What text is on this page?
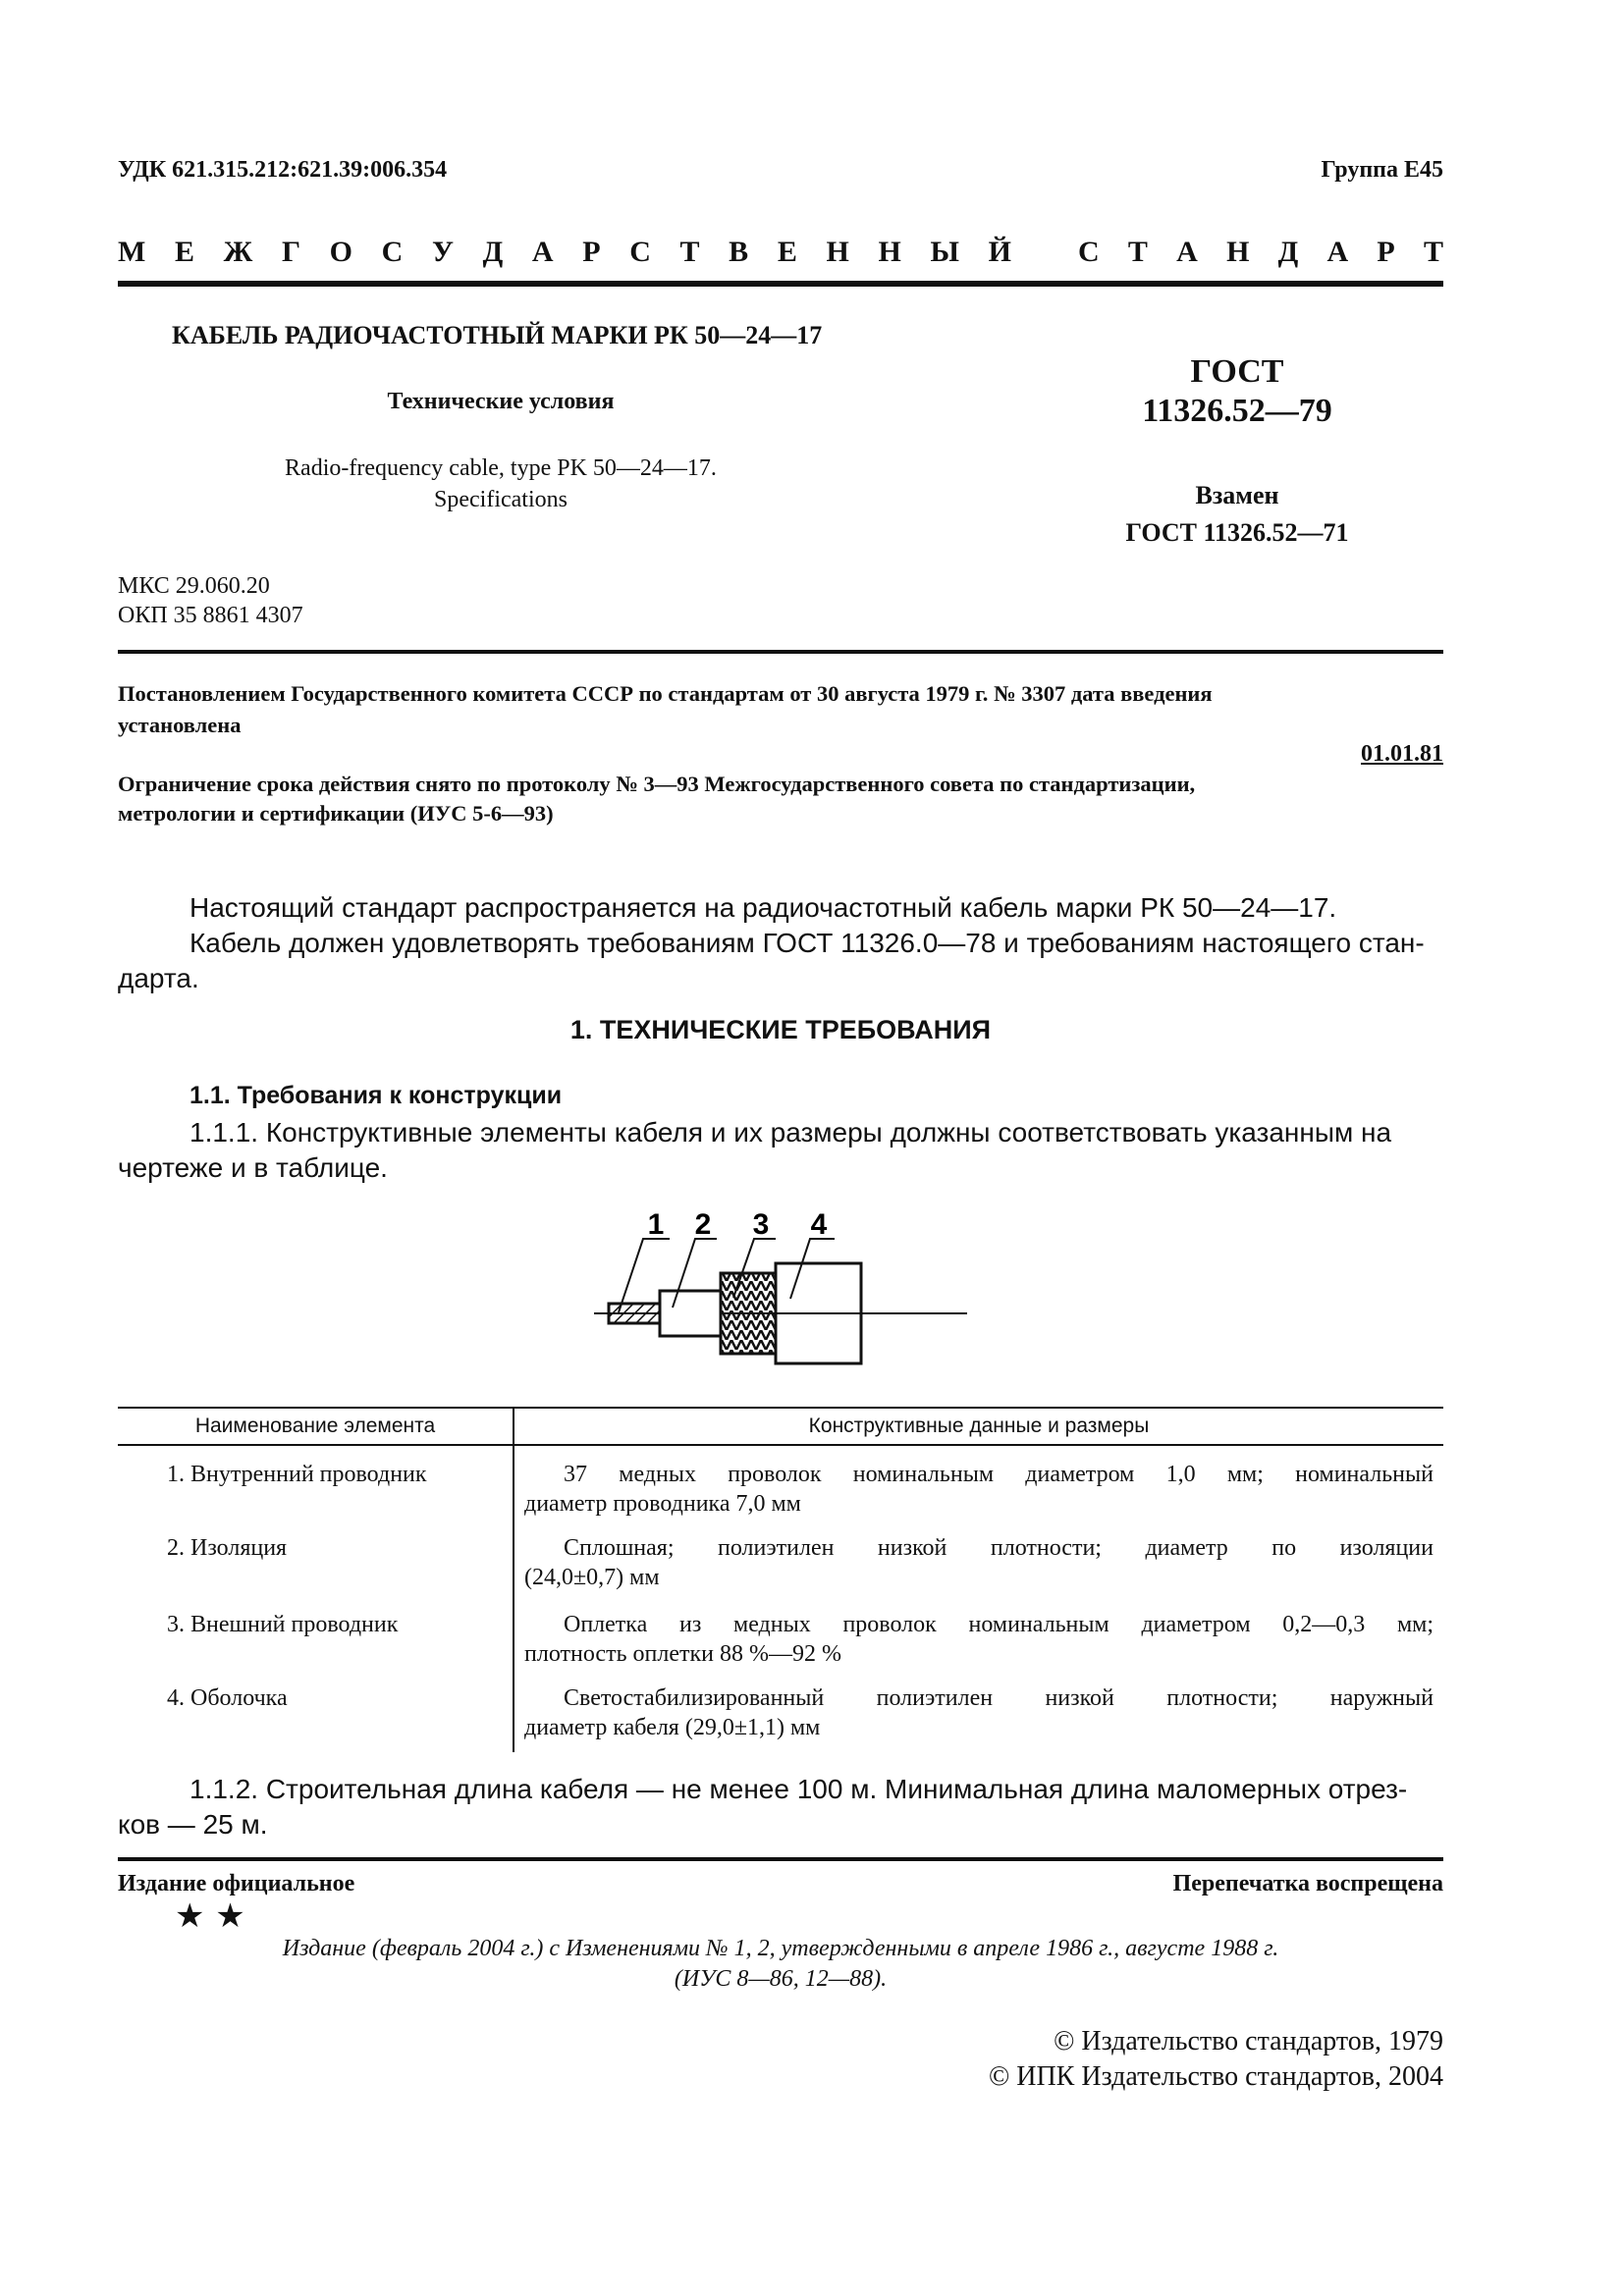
УДК 621.315.212:621.39:006.354	Группа Е45
М Е Ж Г О С У Д А Р С Т В Е Н Н Ы Й С Т А Н Д А Р Т
КАБЕЛЬ РАДИОЧАСТОТНЫЙ МАРКИ РК 50—24—17
Технические условия
Radio-frequency cable, type PK 50—24—17.
Specifications
ГОСТ
11326.52—79
Взамен
ГОСТ 11326.52—71
МКС 29.060.20
ОКП 35 8861 4307
Постановлением Государственного комитета СССР по стандартам от 30 августа 1979 г. № 3307 дата введения
установлена
01.01.81
Ограничение срока действия снято по протоколу № 3—93 Межгосударственного совета по стандартизации,
метрологии и сертификации (ИУС 5-6—93)
Настоящий стандарт распространяется на радиочастотный кабель марки РК 50—24—17.
Кабель должен удовлетворять требованиям ГОСТ 11326.0—78 и требованиям настоящего стан-
дарта.
1. ТЕХНИЧЕСКИЕ ТРЕБОВАНИЯ
1.1. Требования к конструкции
1.1.1. Конструктивные элементы кабеля и их размеры должны соответствовать указанным на
чертеже и в таблице.
1 2 3 4
Наименование элемента	Конструктивные данные и размеры
1. Внутренний проводник	37 медных проволок номинальным диаметром 1,0 мм; номинальный
диаметр проводника 7,0 мм
2. Изоляция	Сплошная; полиэтилен низкой плотности; диаметр по изоляции
(24,0±0,7) мм
3. Внешний проводник	Оплетка из медных проволок номинальным диаметром 0,2—0,3 мм;
плотность оплетки 88 %—92 %
4. Оболочка	Светостабилизированный полиэтилен низкой плотности; наружный
диаметр кабеля (29,0±1,1) мм
1.1.2. Строительная длина кабеля — не менее 100 м. Минимальная длина маломерных отрез-
ков — 25 м.
Издание официальное	Перепечатка воспрещена
★ ★
Издание (февраль 2004 г.) с Изменениями № 1, 2, утвержденными в апреле 1986 г., августе 1988 г.
(ИУС 8—86, 12—88).
© Издательство стандартов, 1979
© ИПК Издательство стандартов, 2004
